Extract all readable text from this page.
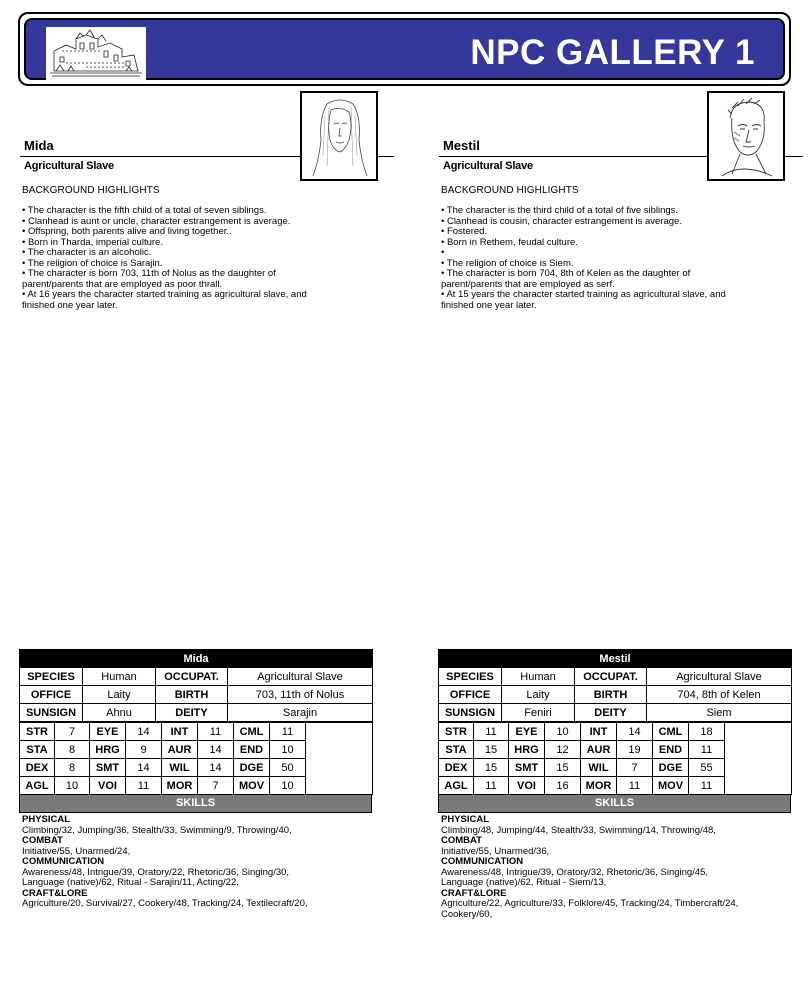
NPC GALLERY 1
Mida
Agricultural Slave
BACKGROUND HIGHLIGHTS
• The character is the fifth child of a total of seven siblings.
• Clanhead is aunt or uncle, character estrangement is average.
• Offspring, both parents alive and living together..
• Born in Tharda, imperial culture.
• The character is an alcoholic.
• The religion of choice is Sarajin.
• The character is born 703, 11th of Nolus as the daughter of
parent/parents that are employed as poor thrall.
• At 16 years the character started training as agricultural slave, and
finished one year later.
Mida			
SPECIES	Human	OCCUPAT.	Agricultural Slave
OFFICE	Laity	BIRTH	703, 11th of Nolus
SUNSIGN	Ahnu	DEITY	Sarajin
STR	7	EYE	14	INT	11	CML	11	
STA	8	HRG	9	AUR	14	END	10	
DEX	8	SMT	14	WIL	14	DGE	50	
AGL	10	VOI	11	MOR	7	MOV	10	
SKILLS
PHYSICAL
Climbing/32, Jumping/36, Stealth/33, Swimming/9, Throwing/40,
COMBAT
Initiative/55, Unarmed/24,
COMMUNICATION
Awareness/48, Intrigue/39, Oratory/22, Rhetoric/36, Singing/30,
Language (native)/62, Ritual - Sarajin/11, Acting/22,
CRAFT&LORE
Agriculture/20, Survival/27, Cookery/48, Tracking/24, Textilecraft/20,
Mestil
Agricultural Slave
BACKGROUND HIGHLIGHTS
• The character is the third child of a total of five siblings.
• Clanhead is cousin, character estrangement is average.
• Fostered.
• Born in Rethem, feudal culture.
•
• The religion of choice is Siem.
• The character is born 704, 8th of Kelen as the daughter of
parent/parents that are employed as serf.
• At 15 years the character started training as agricultural slave, and
finished one year later.
Mestil			
SPECIES	Human	OCCUPAT.	Agricultural Slave
OFFICE	Laity	BIRTH	704, 8th of Kelen
SUNSIGN	Feniri	DEITY	Siem
STR	11	EYE	10	INT	14	CML	18	
STA	15	HRG	12	AUR	19	END	11	
DEX	15	SMT	15	WIL	7	DGE	55	
AGL	11	VOI	16	MOR	11	MOV	11	
SKILLS
PHYSICAL
Climbing/48, Jumping/44, Stealth/33, Swimming/14, Throwing/48,
COMBAT
Initiative/55, Unarmed/36,
COMMUNICATION
Awareness/48, Intrigue/39, Oratory/32, Rhetoric/36, Singing/45,
Language (native)/62, Ritual - Siem/13,
CRAFT&LORE
Agriculture/22, Agriculture/33, Folklore/45, Tracking/24, Timbercraft/24,
Cookery/60,
